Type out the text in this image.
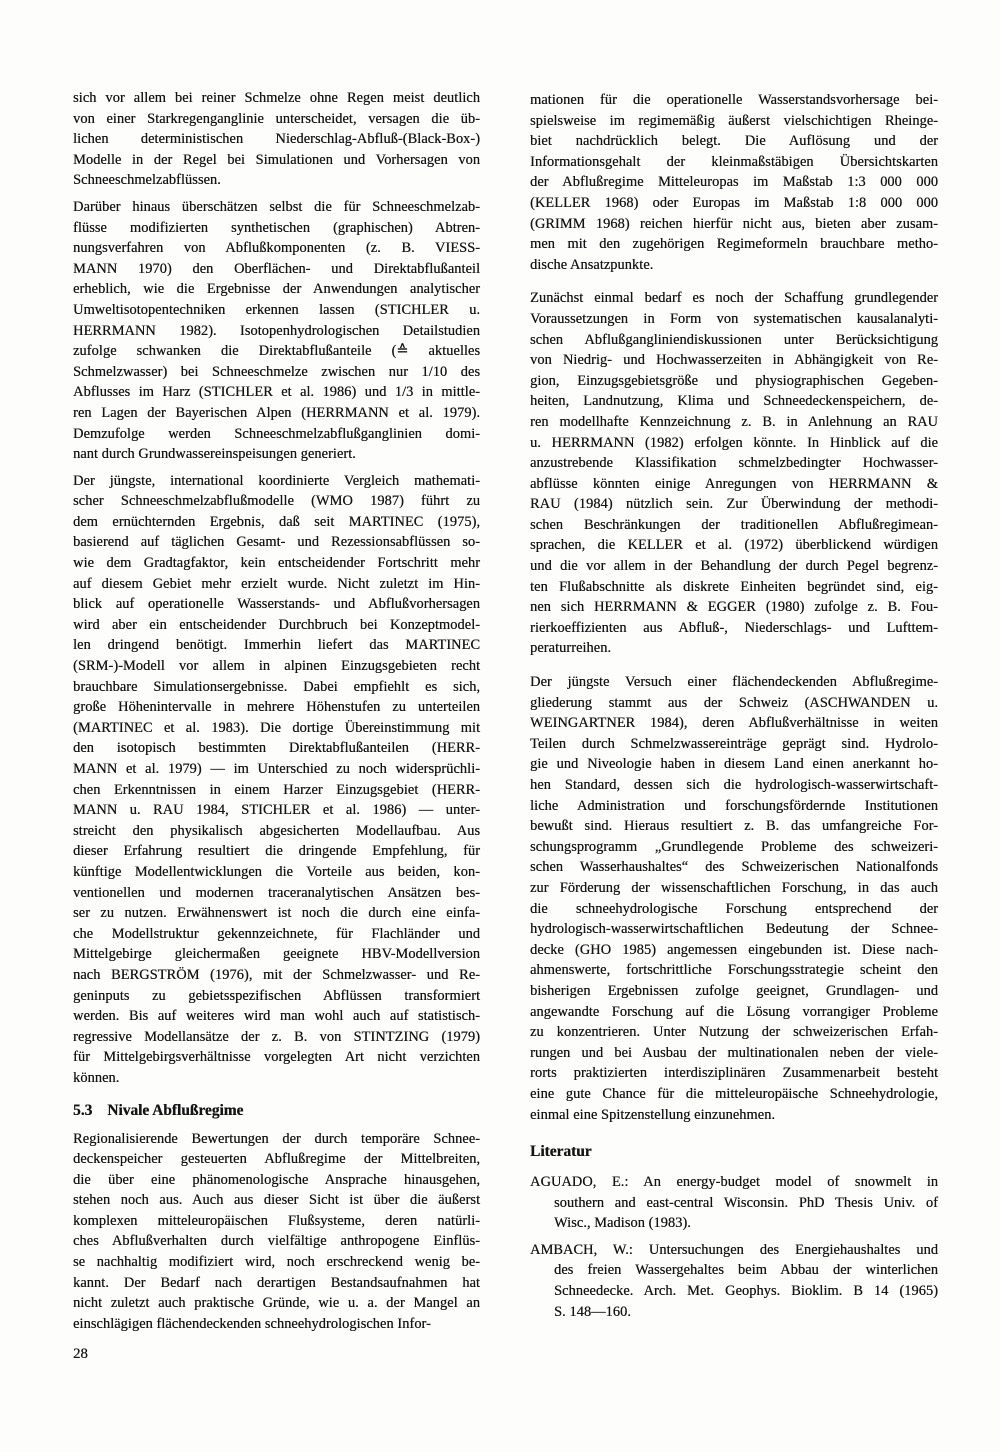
sich vor allem bei reiner Schmelze ohne Regen meist deutlich
von einer Starkregenganglinie unterscheidet, versagen die üb-
lichen deterministischen Niederschlag-Abfluß-(Black-Box-)
Modelle in der Regel bei Simulationen und Vorhersagen von
Schneeschmelzabflüssen.
Darüber hinaus überschätzen selbst die für Schneeschmelzab-
flüsse modifizierten synthetischen (graphischen) Abtren-
nungsverfahren von Abflußkomponenten (z. B. VIESS-
MANN 1970) den Oberflächen- und Direktabflußanteil
erheblich, wie die Ergebnisse der Anwendungen analytischer
Umweltisotopentechniken erkennen lassen (STICHLER u.
HERRMANN 1982). Isotopenhydrologischen Detailstudien
zufolge schwanken die Direktabflußanteile (≙ aktuelles
Schmelzwasser) bei Schneeschmelze zwischen nur 1/10 des
Abflusses im Harz (STICHLER et al. 1986) und 1/3 in mittle-
ren Lagen der Bayerischen Alpen (HERRMANN et al. 1979).
Demzufolge werden Schneeschmelzabflußganglinien domi-
nant durch Grundwassereinspeisungen generiert.
Der jüngste, international koordinierte Vergleich mathemati-
scher Schneeschmelzabflußmodelle (WMO 1987) führt zu
dem ernüchternden Ergebnis, daß seit MARTINEC (1975),
basierend auf täglichen Gesamt- und Rezessionsabflüssen so-
wie dem Gradtagfaktor, kein entscheidender Fortschritt mehr
auf diesem Gebiet mehr erzielt wurde. Nicht zuletzt im Hin-
blick auf operationelle Wasserstands- und Abflußvorhersagen
wird aber ein entscheidender Durchbruch bei Konzeptmodel-
len dringend benötigt. Immerhin liefert das MARTINEC
(SRM-)-Modell vor allem in alpinen Einzugsgebieten recht
brauchbare Simulationsergebnisse. Dabei empfiehlt es sich,
große Höhenintervalle in mehrere Höhenstufen zu unterteilen
(MARTINEC et al. 1983). Die dortige Übereinstimmung mit
den isotopisch bestimmten Direktabflußanteilen (HERR-
MANN et al. 1979) — im Unterschied zu noch widersprüchli-
chen Erkenntnissen in einem Harzer Einzugsgebiet (HERR-
MANN u. RAU 1984, STICHLER et al. 1986) — unter-
streicht den physikalisch abgesicherten Modellaufbau. Aus
dieser Erfahrung resultiert die dringende Empfehlung, für
künftige Modellentwicklungen die Vorteile aus beiden, kon-
ventionellen und modernen traceranalytischen Ansätzen bes-
ser zu nutzen. Erwähnenswert ist noch die durch eine einfa-
che Modellstruktur gekennzeichnete, für Flachländer und
Mittelgebirge gleichermaßen geeignete HBV-Modellversion
nach BERGSTRÖM (1976), mit der Schmelzwasser- und Re-
geninputs zu gebietsspezifischen Abflüssen transformiert
werden. Bis auf weiteres wird man wohl auch auf statistisch-
regressive Modellansätze der z. B. von STINTZING (1979)
für Mittelgebirgsverhältnisse vorgelegten Art nicht verzichten
können.
5.3 Nivale Abflußregime
Regionalisierende Bewertungen der durch temporäre Schnee-
deckenspeicher gesteuerten Abflußregime der Mittelbreiten,
die über eine phänomenologische Ansprache hinausgehen,
stehen noch aus. Auch aus dieser Sicht ist über die äußerst
komplexen mitteleuropäischen Flußsysteme, deren natürli-
ches Abflußverhalten durch vielfältige anthropogene Einflüs-
se nachhaltig modifiziert wird, noch erschreckend wenig be-
kannt. Der Bedarf nach derartigen Bestandsaufnahmen hat
nicht zuletzt auch praktische Gründe, wie u. a. der Mangel an
einschlägigen flächendeckenden schneehydrologischen Infor-
mationen für die operationelle Wasserstandsvorhersage bei-
spielsweise im regimemäßig äußerst vielschichtigen Rheinge-
biet nachdrücklich belegt. Die Auflösung und der
Informationsgehalt der kleinmaßstäbigen Übersichtskarten
der Abflußregime Mitteleuropas im Maßstab 1:3 000 000
(KELLER 1968) oder Europas im Maßstab 1:8 000 000
(GRIMM 1968) reichen hierfür nicht aus, bieten aber zusam-
men mit den zugehörigen Regimeformeln brauchbare metho-
dische Ansatzpunkte.
Zunächst einmal bedarf es noch der Schaffung grundlegender
Voraussetzungen in Form von systematischen kausalanalyti-
schen Abflußgangliniendiskussionen unter Berücksichtigung
von Niedrig- und Hochwasserzeiten in Abhängigkeit von Re-
gion, Einzugsgebietsgröße und physiographischen Gegeben-
heiten, Landnutzung, Klima und Schneedeckenspeichern, de-
ren modellhafte Kennzeichnung z. B. in Anlehnung an RAU
u. HERRMANN (1982) erfolgen könnte. In Hinblick auf die
anzustrebende Klassifikation schmelzbedingter Hochwasser-
abflüsse könnten einige Anregungen von HERRMANN &
RAU (1984) nützlich sein. Zur Überwindung der methodi-
schen Beschränkungen der traditionellen Abflußregimean-
sprachen, die KELLER et al. (1972) überblickend würdigen
und die vor allem in der Behandlung der durch Pegel begrenz-
ten Flußabschnitte als diskrete Einheiten begründet sind, eig-
nen sich HERRMANN & EGGER (1980) zufolge z. B. Fou-
rierkoeffizienten aus Abfluß-, Niederschlags- und Lufttem-
peraturreihen.
Der jüngste Versuch einer flächendeckenden Abflußregime-
gliederung stammt aus der Schweiz (ASCHWANDEN u.
WEINGARTNER 1984), deren Abflußverhältnisse in weiten
Teilen durch Schmelzwassereinträge geprägt sind. Hydrolo-
gie und Niveologie haben in diesem Land einen anerkannt ho-
hen Standard, dessen sich die hydrologisch-wasserwirtschaft-
liche Administration und forschungsfördernde Institutionen
bewußt sind. Hieraus resultiert z. B. das umfangreiche For-
schungsprogramm „Grundlegende Probleme des schweizeri-
schen Wasserhaushaltes“ des Schweizerischen Nationalfonds
zur Förderung der wissenschaftlichen Forschung, in das auch
die schneehydrologische Forschung entsprechend der
hydrologisch-wasserwirtschaftlichen Bedeutung der Schnee-
decke (GHO 1985) angemessen eingebunden ist. Diese nach-
ahmenswerte, fortschrittliche Forschungsstrategie scheint den
bisherigen Ergebnissen zufolge geeignet, Grundlagen- und
angewandte Forschung auf die Lösung vorrangiger Probleme
zu konzentrieren. Unter Nutzung der schweizerischen Erfah-
rungen und bei Ausbau der multinationalen neben der viele-
rorts praktizierten interdisziplinären Zusammenarbeit besteht
eine gute Chance für die mitteleuropäische Schneehydrologie,
einmal eine Spitzenstellung einzunehmen.
Literatur
AGUADO, E.: An energy-budget model of snowmelt in
southern and east-central Wisconsin. PhD Thesis Univ. of
Wisc., Madison (1983).
AMBACH, W.: Untersuchungen des Energiehaushaltes und
des freien Wassergehaltes beim Abbau der winterlichen
Schneedecke. Arch. Met. Geophys. Bioklim. B 14 (1965)
S. 148—160.
28
